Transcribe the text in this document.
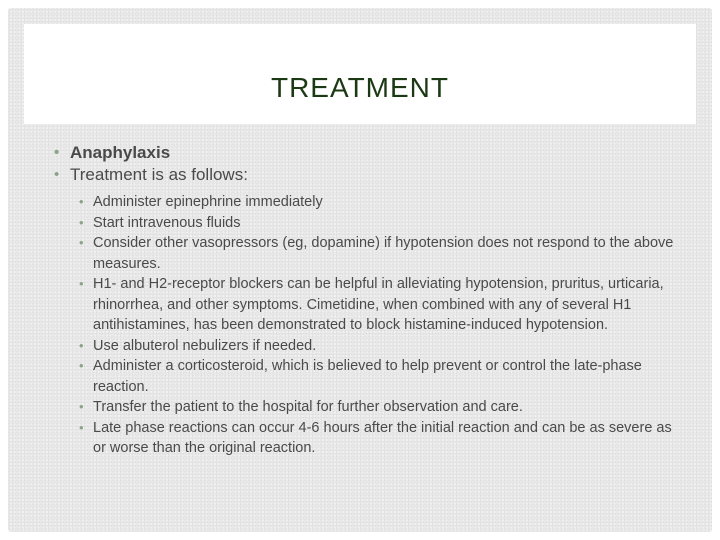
TREATMENT
• Anaphylaxis
• Treatment is as follows:
• Administer epinephrine immediately
• Start intravenous fluids
• Consider other vasopressors (eg, dopamine) if hypotension does not respond to the above measures.
• H1- and H2-receptor blockers can be helpful in alleviating hypotension, pruritus, urticaria, rhinorrhea, and other symptoms. Cimetidine, when combined with any of several H1 antihistamines, has been demonstrated to block histamine-induced hypotension.
• Use albuterol nebulizers if needed.
• Administer a corticosteroid, which is believed to help prevent or control the late-phase reaction.
• Transfer the patient to the hospital for further observation and care.
• Late phase reactions can occur 4-6 hours after the initial reaction and can be as severe as or worse than the original reaction.
